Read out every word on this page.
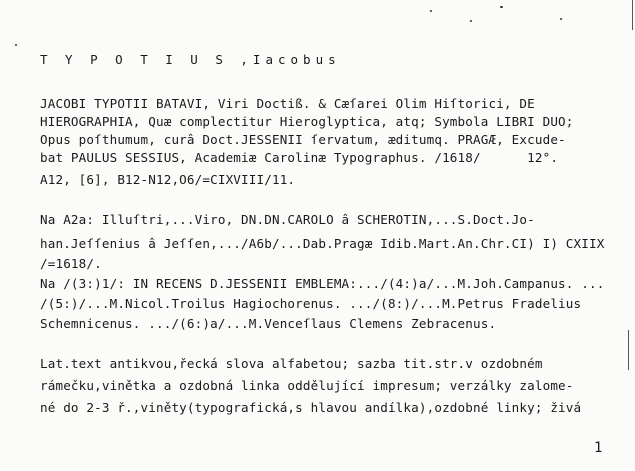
T Y P O T I U S ,Iacobus
JACOBI TYPOTII BATAVI, Viri Doctiß. & Cæſarei Olim Hiſtorici, DE
HIEROGRAPHIA, Quæ complectitur Hieroglyptica, atq; Symbola LIBRI DUO;
Opus poſthumum, curâ Doct.JESSENII ſervatum, æditumq. PRAGÆ, Excude-
bat PAULUS SESSIUS, Academiæ Carolinæ Typographus. /1618/      12°.
A12, [6], B12-N12,O6/=CIXVIII/11.
Na A2a: Illuſtri,...Viro, DN.DN.CAROLO â SCHEROTIN,...S.Doct.Jo-
han.Jeſſenius â Jeſſen,.../A6b/...Dab.Pragæ Idib.Mart.An.Chr.CI) I) CXIIX
/=1618/.
Na /(3:)1/: IN RECENS D.JESSENII EMBLEMA:.../(4:)a/...M.Joh.Campanus. ...
/(5:)/...M.Nicol.Troilus Hagiochorenus. .../(8:)/...M.Petrus Fradelius
Schemnicenus. .../(6:)a/...M.Venceſlaus Clemens Zebracenus.
Lat.text antikvou,řecká slova alfabetou; sazba tit.str.v ozdobném
rámečku,vinětka a ozdobná linka oddělující impresum; verzálky zalome-
né do 2-3 ř.,viněty(typografická,s hlavou andílka),ozdobné linky; živá
1
